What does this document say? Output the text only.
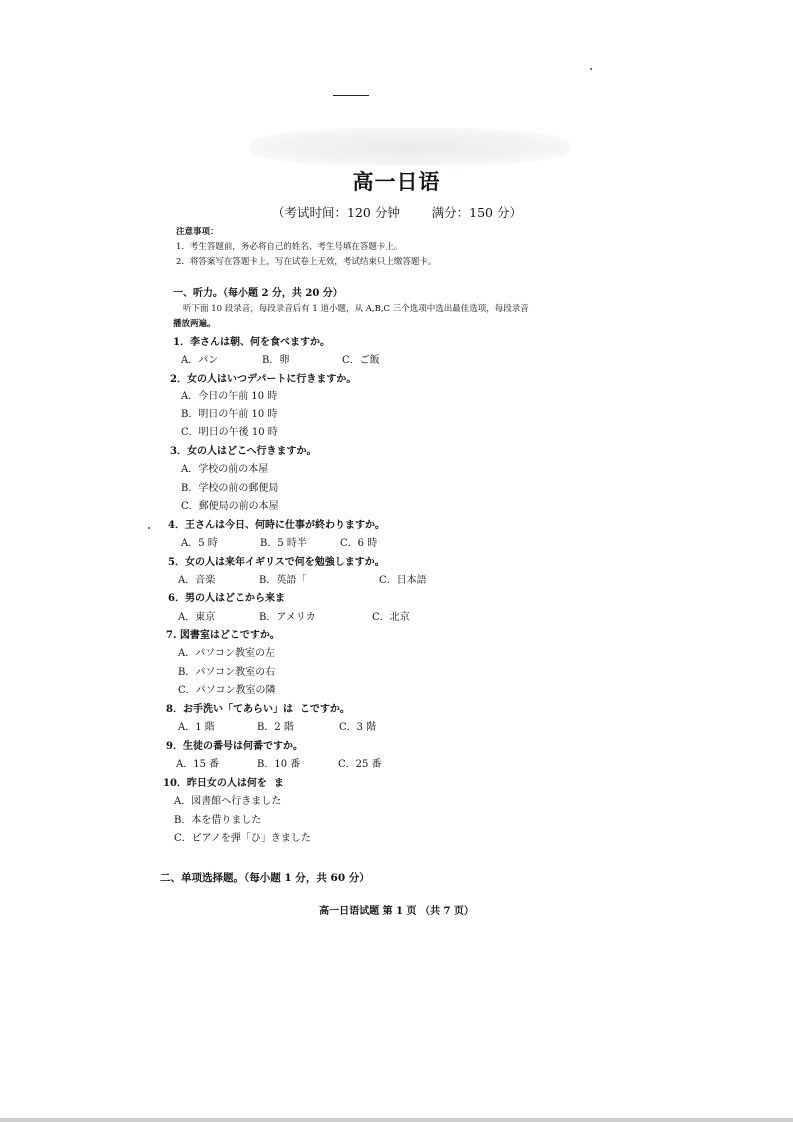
高一日语
（考试时间：120 分钟        满分：150 分）
注意事项：
1．考生答题前，务必将自己的姓名、考生号填在答题卡上。
2．将答案写在答题卡上，写在试卷上无效，考试结束只上缴答题卡。
一、听力。（每小题 2 分，共 20 分）
听下面 10 段录音，每段录音后有 1 道小题，从 A,B,C 三个选项中选出最佳选项，每段录音
播放两遍。
1．李さんは朝、何を食べますか。
A．パン	B．卵	C．ご飯
2．女の人はいつデパートに行きますか。
A．今日の午前 10 時
B．明日の午前 10 時
C．明日の午後 10 時
3．女の人はどこへ行きますか。
A．学校の前の本屋
B．学校の前の郵便局
C．郵便局の前の本屋
4．王さんは今日、何時に仕事が終わりますか。
A．5 時	B．5 時半	C．6 時
5．女の人は来年イギリスで何を勉強しますか。
A．音楽	B．英語「	C．日本語
6．男の人はどこから来ま
A．東京	B．アメリカ	C．北京
7. 図書室はどこですか。
A．パソコン教室の左
B．パソコン教室の右
C．パソコン教室の隣
8．お手洗い「てあらい」は  こですか。
A．1 階	B．2 階	C．3 階
9．生徒の番号は何番ですか。
A．15 番	B．10 番	C．25 番
10．昨日女の人は何を  ま
A．図書館へ行きました
B．本を借りました
C．ピアノを弾「ひ」きました
二、单项选择题。（每小题 1 分，共 60 分）
高一日语试题 第 1 页 （共 7 页）
